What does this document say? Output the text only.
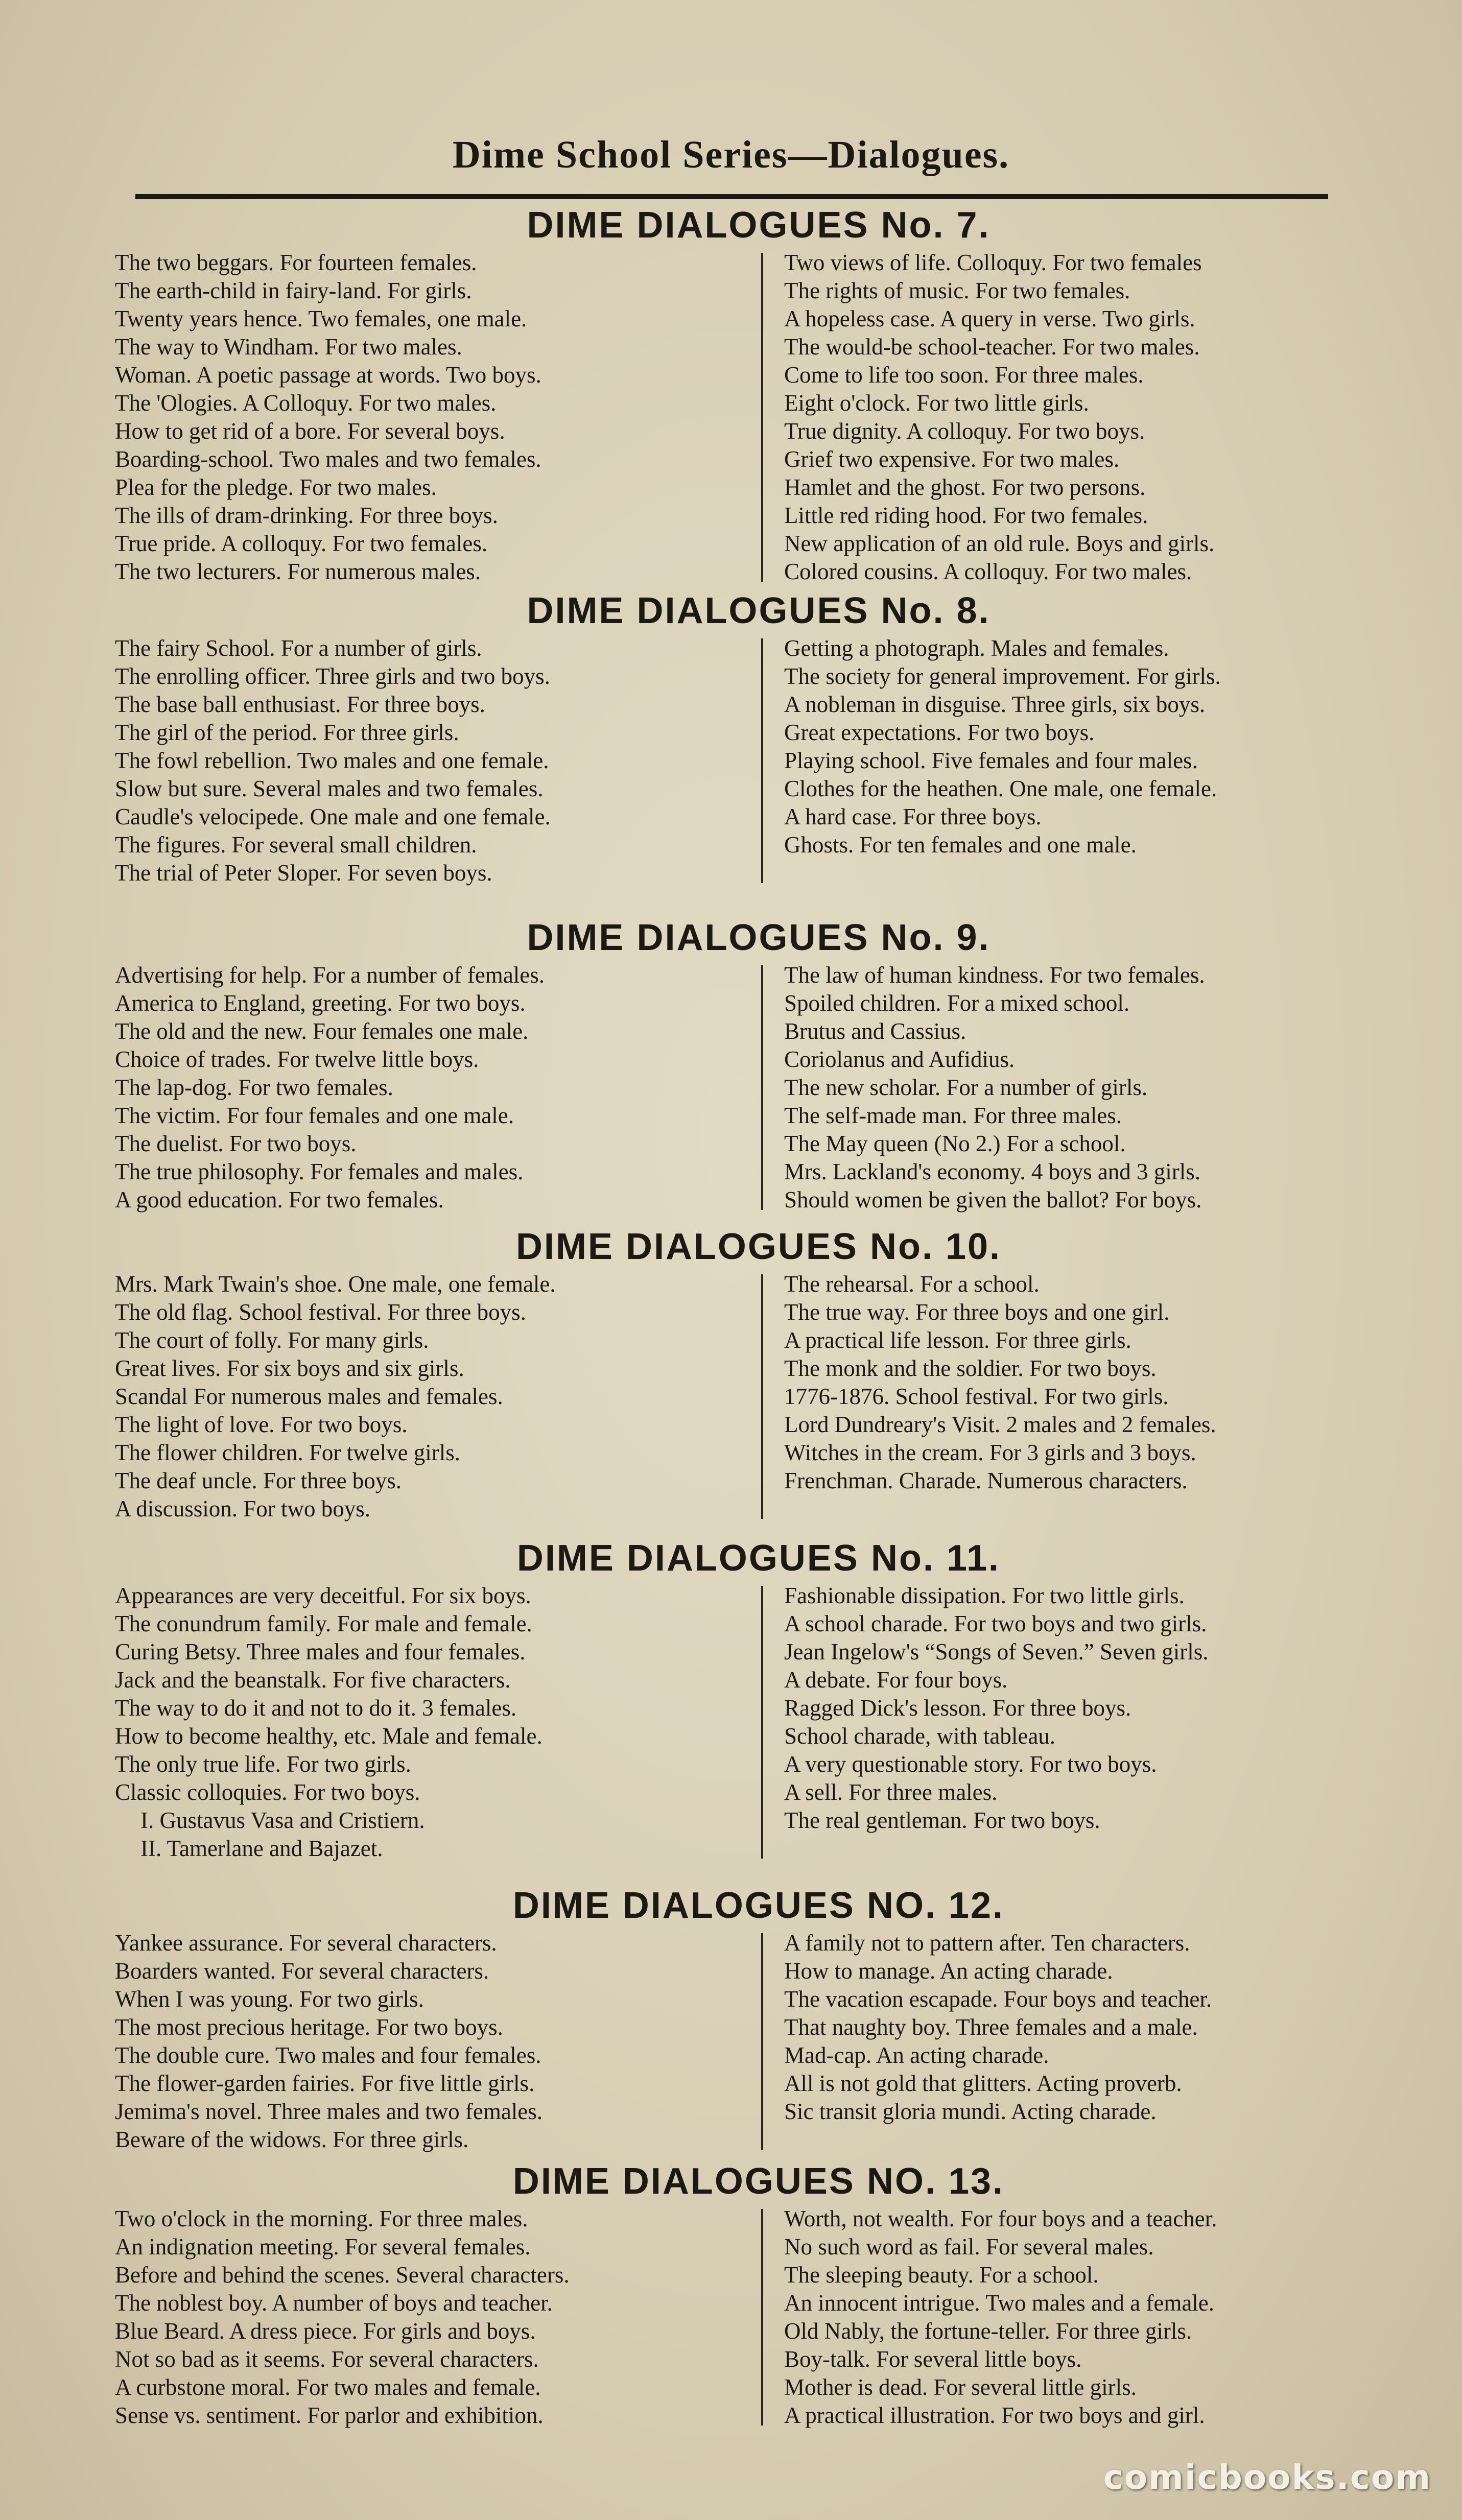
Dime School Series—Dialogues.
DIME DIALOGUES No. 7.
The two beggars. For fourteen females.
The earth-child in fairy-land. For girls.
Twenty years hence. Two females, one male.
The way to Windham. For two males.
Woman. A poetic passage at words. Two boys.
The 'Ologies. A Colloquy. For two males.
How to get rid of a bore. For several boys.
Boarding-school. Two males and two females.
Plea for the pledge. For two males.
The ills of dram-drinking. For three boys.
True pride. A colloquy. For two females.
The two lecturers. For numerous males.
Two views of life. Colloquy. For two females
The rights of music. For two females.
A hopeless case. A query in verse. Two girls.
The would-be school-teacher. For two males.
Come to life too soon. For three males.
Eight o'clock. For two little girls.
True dignity. A colloquy. For two boys.
Grief two expensive. For two males.
Hamlet and the ghost. For two persons.
Little red riding hood. For two females.
New application of an old rule. Boys and girls.
Colored cousins. A colloquy. For two males.
DIME DIALOGUES No. 8.
The fairy School. For a number of girls.
The enrolling officer. Three girls and two boys.
The base ball enthusiast. For three boys.
The girl of the period. For three girls.
The fowl rebellion. Two males and one female.
Slow but sure. Several males and two females.
Caudle's velocipede. One male and one female.
The figures. For several small children.
The trial of Peter Sloper. For seven boys.
Getting a photograph. Males and females.
The society for general improvement. For girls.
A nobleman in disguise. Three girls, six boys.
Great expectations. For two boys.
Playing school. Five females and four males.
Clothes for the heathen. One male, one female.
A hard case. For three boys.
Ghosts. For ten females and one male.
DIME DIALOGUES No. 9.
Advertising for help. For a number of females.
America to England, greeting. For two boys.
The old and the new. Four females one male.
Choice of trades. For twelve little boys.
The lap-dog. For two females.
The victim. For four females and one male.
The duelist. For two boys.
The true philosophy. For females and males.
A good education. For two females.
The law of human kindness. For two females.
Spoiled children. For a mixed school.
Brutus and Cassius.
Coriolanus and Aufidius.
The new scholar. For a number of girls.
The self-made man. For three males.
The May queen (No 2.) For a school.
Mrs. Lackland's economy. 4 boys and 3 girls.
Should women be given the ballot? For boys.
DIME DIALOGUES No. 10.
Mrs. Mark Twain's shoe. One male, one female.
The old flag. School festival. For three boys.
The court of folly. For many girls.
Great lives. For six boys and six girls.
Scandal For numerous males and females.
The light of love. For two boys.
The flower children. For twelve girls.
The deaf uncle. For three boys.
A discussion. For two boys.
The rehearsal. For a school.
The true way. For three boys and one girl.
A practical life lesson. For three girls.
The monk and the soldier. For two boys.
1776-1876. School festival. For two girls.
Lord Dundreary's Visit. 2 males and 2 females.
Witches in the cream. For 3 girls and 3 boys.
Frenchman. Charade. Numerous characters.
DIME DIALOGUES No. 11.
Appearances are very deceitful. For six boys.
The conundrum family. For male and female.
Curing Betsy. Three males and four females.
Jack and the beanstalk. For five characters.
The way to do it and not to do it. 3 females.
How to become healthy, etc. Male and female.
The only true life. For two girls.
Classic colloquies. For two boys.
I. Gustavus Vasa and Cristiern.
II. Tamerlane and Bajazet.
Fashionable dissipation. For two little girls.
A school charade. For two boys and two girls.
Jean Ingelow's “Songs of Seven.” Seven girls.
A debate. For four boys.
Ragged Dick's lesson. For three boys.
School charade, with tableau.
A very questionable story. For two boys.
A sell. For three males.
The real gentleman. For two boys.
DIME DIALOGUES NO. 12.
Yankee assurance. For several characters.
Boarders wanted. For several characters.
When I was young. For two girls.
The most precious heritage. For two boys.
The double cure. Two males and four females.
The flower-garden fairies. For five little girls.
Jemima's novel. Three males and two females.
Beware of the widows. For three girls.
A family not to pattern after. Ten characters.
How to manage. An acting charade.
The vacation escapade. Four boys and teacher.
That naughty boy. Three females and a male.
Mad-cap. An acting charade.
All is not gold that glitters. Acting proverb.
Sic transit gloria mundi. Acting charade.
DIME DIALOGUES NO. 13.
Two o'clock in the morning. For three males.
An indignation meeting. For several females.
Before and behind the scenes. Several characters.
The noblest boy. A number of boys and teacher.
Blue Beard. A dress piece. For girls and boys.
Not so bad as it seems. For several characters.
A curbstone moral. For two males and female.
Sense vs. sentiment. For parlor and exhibition.
Worth, not wealth. For four boys and a teacher.
No such word as fail. For several males.
The sleeping beauty. For a school.
An innocent intrigue. Two males and a female.
Old Nably, the fortune-teller. For three girls.
Boy-talk. For several little boys.
Mother is dead. For several little girls.
A practical illustration. For two boys and girl.
comicbooks.com
